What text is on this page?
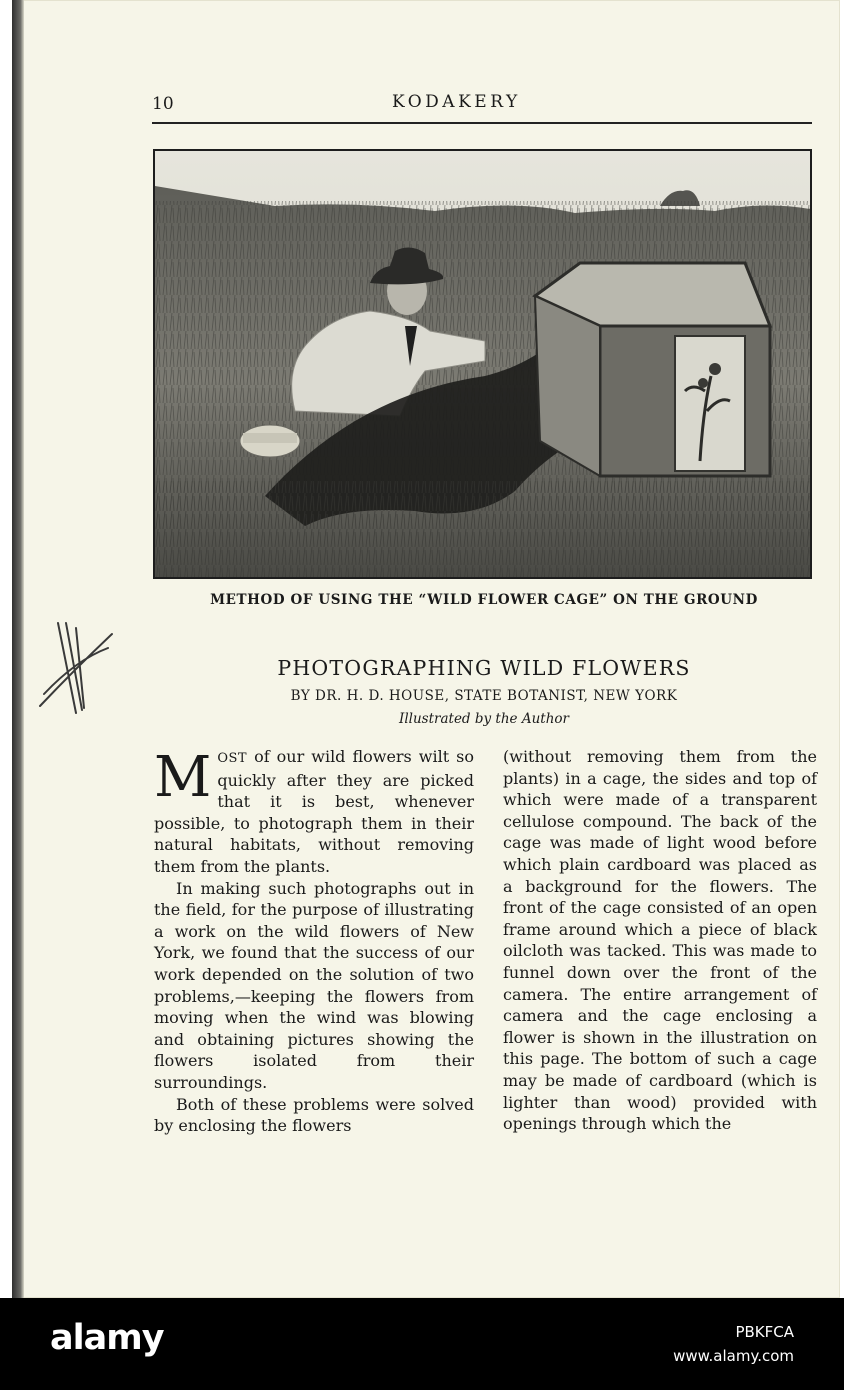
10	KODAKERY
METHOD OF USING THE “WILD FLOWER CAGE” ON THE GROUND
PHOTOGRAPHING WILD FLOWERS
BY DR. H. D. HOUSE, STATE BOTANIST, NEW YORK
Illustrated by the Author

MOST of our wild flowers wilt so quickly after they are picked that it is best, whenever possible, to photograph them in their natural habitats, without removing them from the plants.

In making such photographs out in the field, for the purpose of illustrating a work on the wild flowers of New York, we found that the success of our work depended on the solution of two problems,—keeping the flowers from moving when the wind was blowing and obtaining pictures showing the flowers isolated from their surroundings.

Both of these problems were solved by enclosing the flowers

(without removing them from the plants) in a cage, the sides and top of which were made of a transparent cellulose compound. The back of the cage was made of light wood before which plain cardboard was placed as a background for the flowers. The front of the cage consisted of an open frame around which a piece of black oilcloth was tacked. This was made to funnel down over the front of the camera. The entire arrangement of camera and the cage enclosing a flower is shown in the illustration on this page. The bottom of such a cage may be made of cardboard (which is lighter than wood) provided with openings through which the

alamy	PBKFCA
www.alamy.com
